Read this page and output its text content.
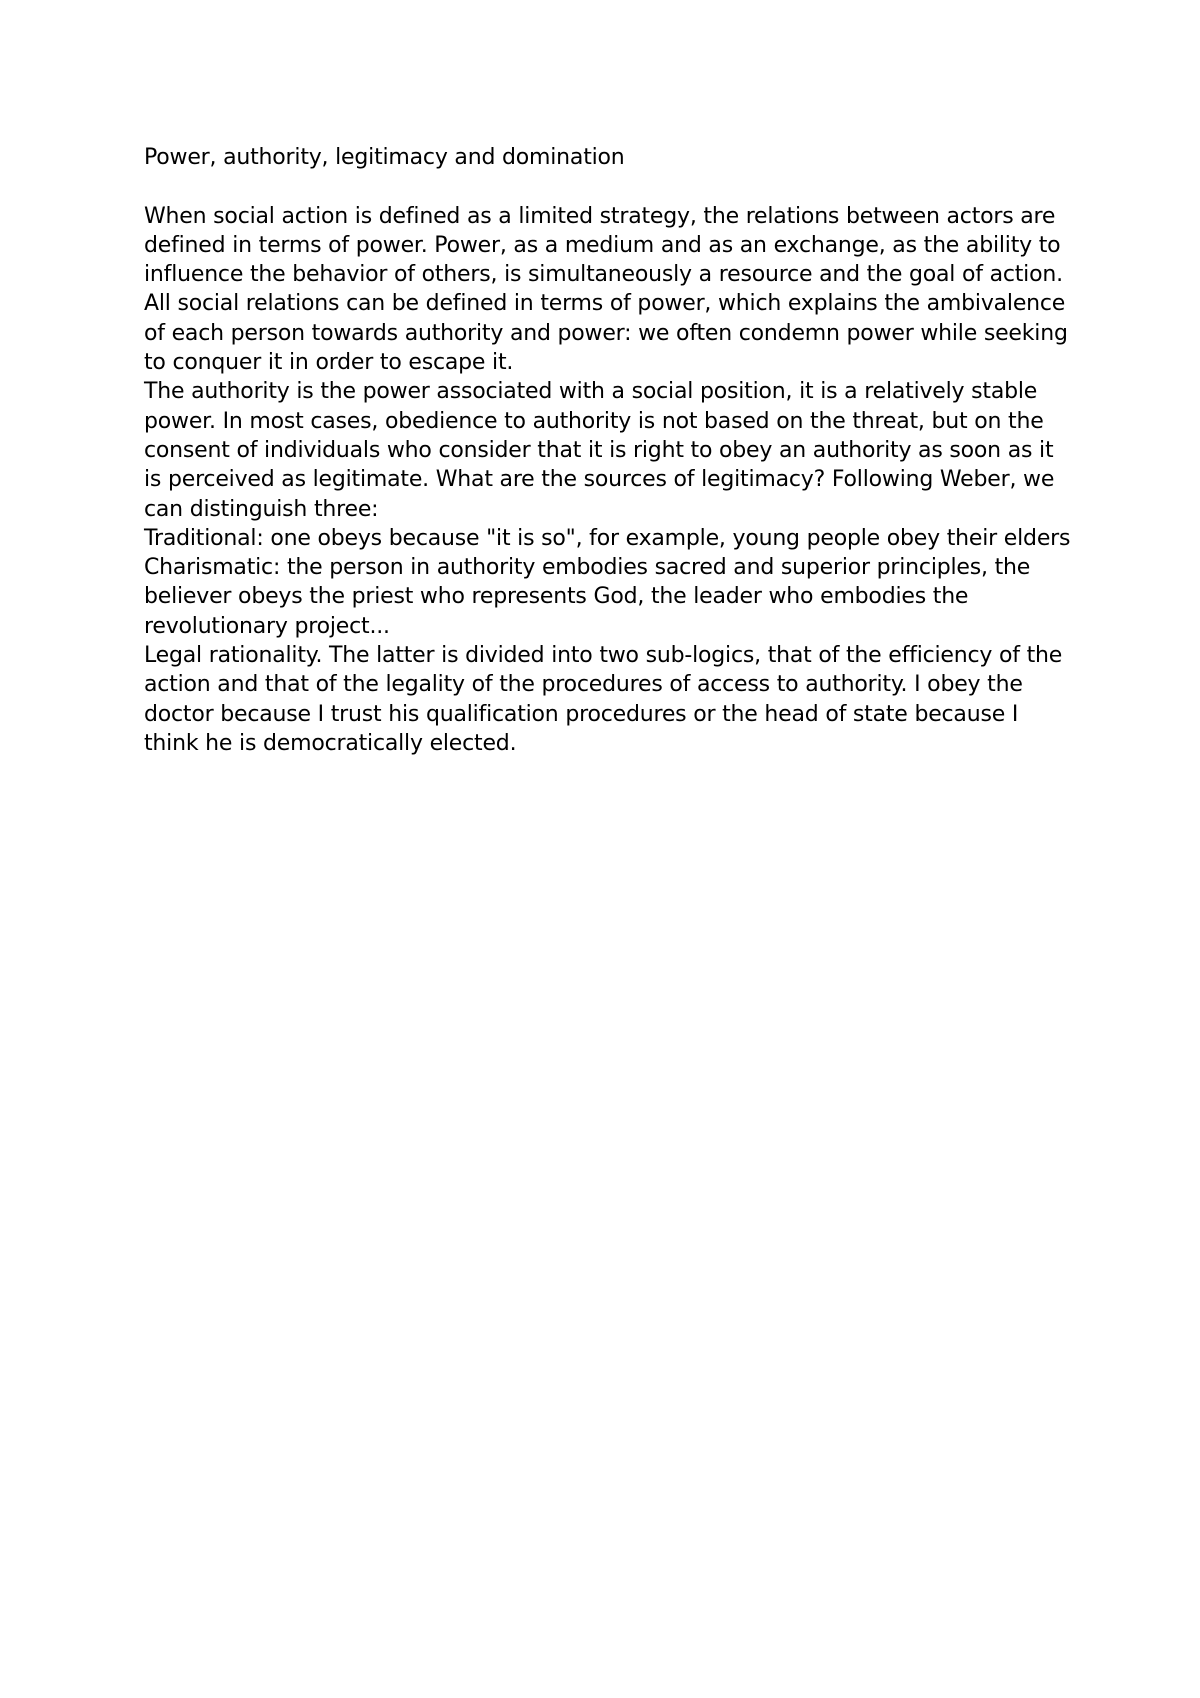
Power, authority, legitimacy and domination

When social action is defined as a limited strategy, the relations between actors are
defined in terms of power. Power, as a medium and as an exchange, as the ability to
influence the behavior of others, is simultaneously a resource and the goal of action.
All social relations can be defined in terms of power, which explains the ambivalence
of each person towards authority and power: we often condemn power while seeking
to conquer it in order to escape it.

The authority is the power associated with a social position, it is a relatively stable
power. In most cases, obedience to authority is not based on the threat, but on the
consent of individuals who consider that it is right to obey an authority as soon as it
is perceived as legitimate. What are the sources of legitimacy? Following Weber, we
can distinguish three:

Traditional: one obeys because "it is so", for example, young people obey their elders

Charismatic: the person in authority embodies sacred and superior principles, the
believer obeys the priest who represents God, the leader who embodies the
revolutionary project...

Legal rationality. The latter is divided into two sub-logics, that of the efficiency of the
action and that of the legality of the procedures of access to authority. I obey the
doctor because I trust his qualification procedures or the head of state because I
think he is democratically elected.
